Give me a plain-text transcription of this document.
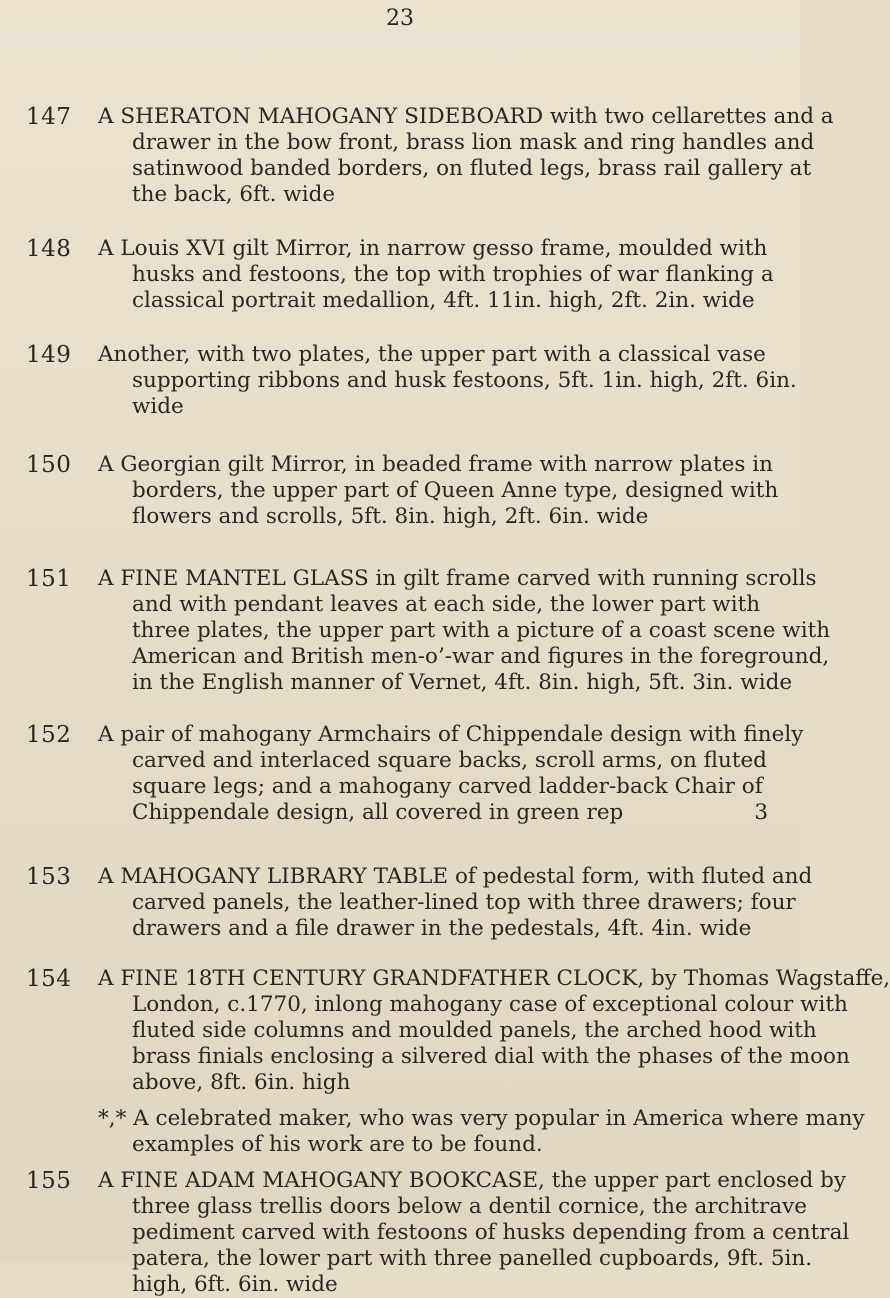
23
147 A SHERATON MAHOGANY SIDEBOARD with two cellarettes and a
drawer in the bow front, brass lion mask and ring handles and
satinwood banded borders, on fluted legs, brass rail gallery at
the back, 6ft. wide
148 A Louis XVI gilt Mirror, in narrow gesso frame, moulded with
husks and festoons, the top with trophies of war flanking a
classical portrait medallion, 4ft. 11in. high, 2ft. 2in. wide
149 Another, with two plates, the upper part with a classical vase
supporting ribbons and husk festoons, 5ft. 1in. high, 2ft. 6in.
wide
150 A Georgian gilt Mirror, in beaded frame with narrow plates in
borders, the upper part of Queen Anne type, designed with
flowers and scrolls, 5ft. 8in. high, 2ft. 6in. wide
151 A FINE MANTEL GLASS in gilt frame carved with running scrolls
and with pendant leaves at each side, the lower part with
three plates, the upper part with a picture of a coast scene with
American and British men-o’-war and figures in the foreground,
in the English manner of Vernet, 4ft. 8in. high, 5ft. 3in. wide
152 A pair of mahogany Armchairs of Chippendale design with finely
carved and interlaced square backs, scroll arms, on fluted
square legs; and a mahogany carved ladder-back Chair of
Chippendale design, all covered in green rep	3
153 A MAHOGANY LIBRARY TABLE of pedestal form, with fluted and
carved panels, the leather-lined top with three drawers; four
drawers and a file drawer in the pedestals, 4ft. 4in. wide
154 A FINE 18TH CENTURY GRANDFATHER CLOCK, by Thomas Wagstaffe,
London, c.1770, inlong mahogany case of exceptional colour with
fluted side columns and moulded panels, the arched hood with
brass finials enclosing a silvered dial with the phases of the moon
above, 8ft. 6in. high
*,* A celebrated maker, who was very popular in America where many
examples of his work are to be found.
155 A FINE ADAM MAHOGANY BOOKCASE, the upper part enclosed by
three glass trellis doors below a dentil cornice, the architrave
pediment carved with festoons of husks depending from a central
patera, the lower part with three panelled cupboards, 9ft. 5in.
high, 6ft. 6in. wide
